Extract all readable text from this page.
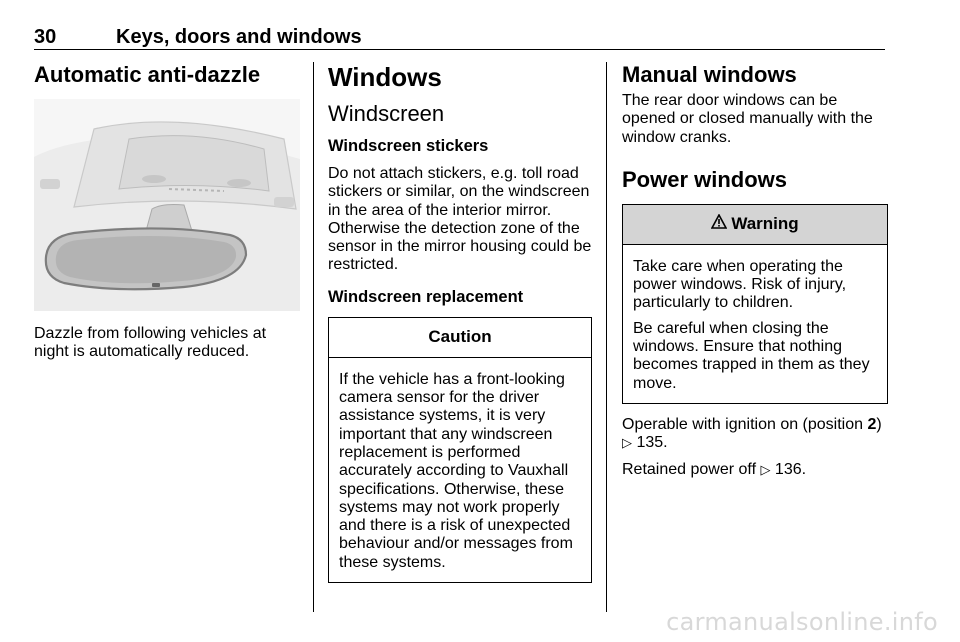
30	Keys, doors and windows
Automatic anti-dazzle

Dazzle from following vehicles at night is automatically reduced.

Windows
Windscreen
Windscreen stickers

Do not attach stickers, e.g. toll road stickers or similar, on the windscreen in the area of the interior mirror. Otherwise the detection zone of the sensor in the mirror housing could be restricted.

Windscreen replacement
Caution

If the vehicle has a front-looking camera sensor for the driver assistance systems, it is very important that any windscreen replacement is performed accurately according to Vauxhall specifications. Otherwise, these systems may not work properly and there is a risk of unexpected behaviour and/or messages from these systems.

Manual windows

The rear door windows can be opened or closed manually with the window cranks.

Power windows
Warning

Take care when operating the power windows. Risk of injury, particularly to children.

Be careful when closing the windows. Ensure that nothing becomes trapped in them as they move.

Operable with ignition on (position 2)
▷ 135.

Retained power off ▷ 136.

carmanualsonline.info
